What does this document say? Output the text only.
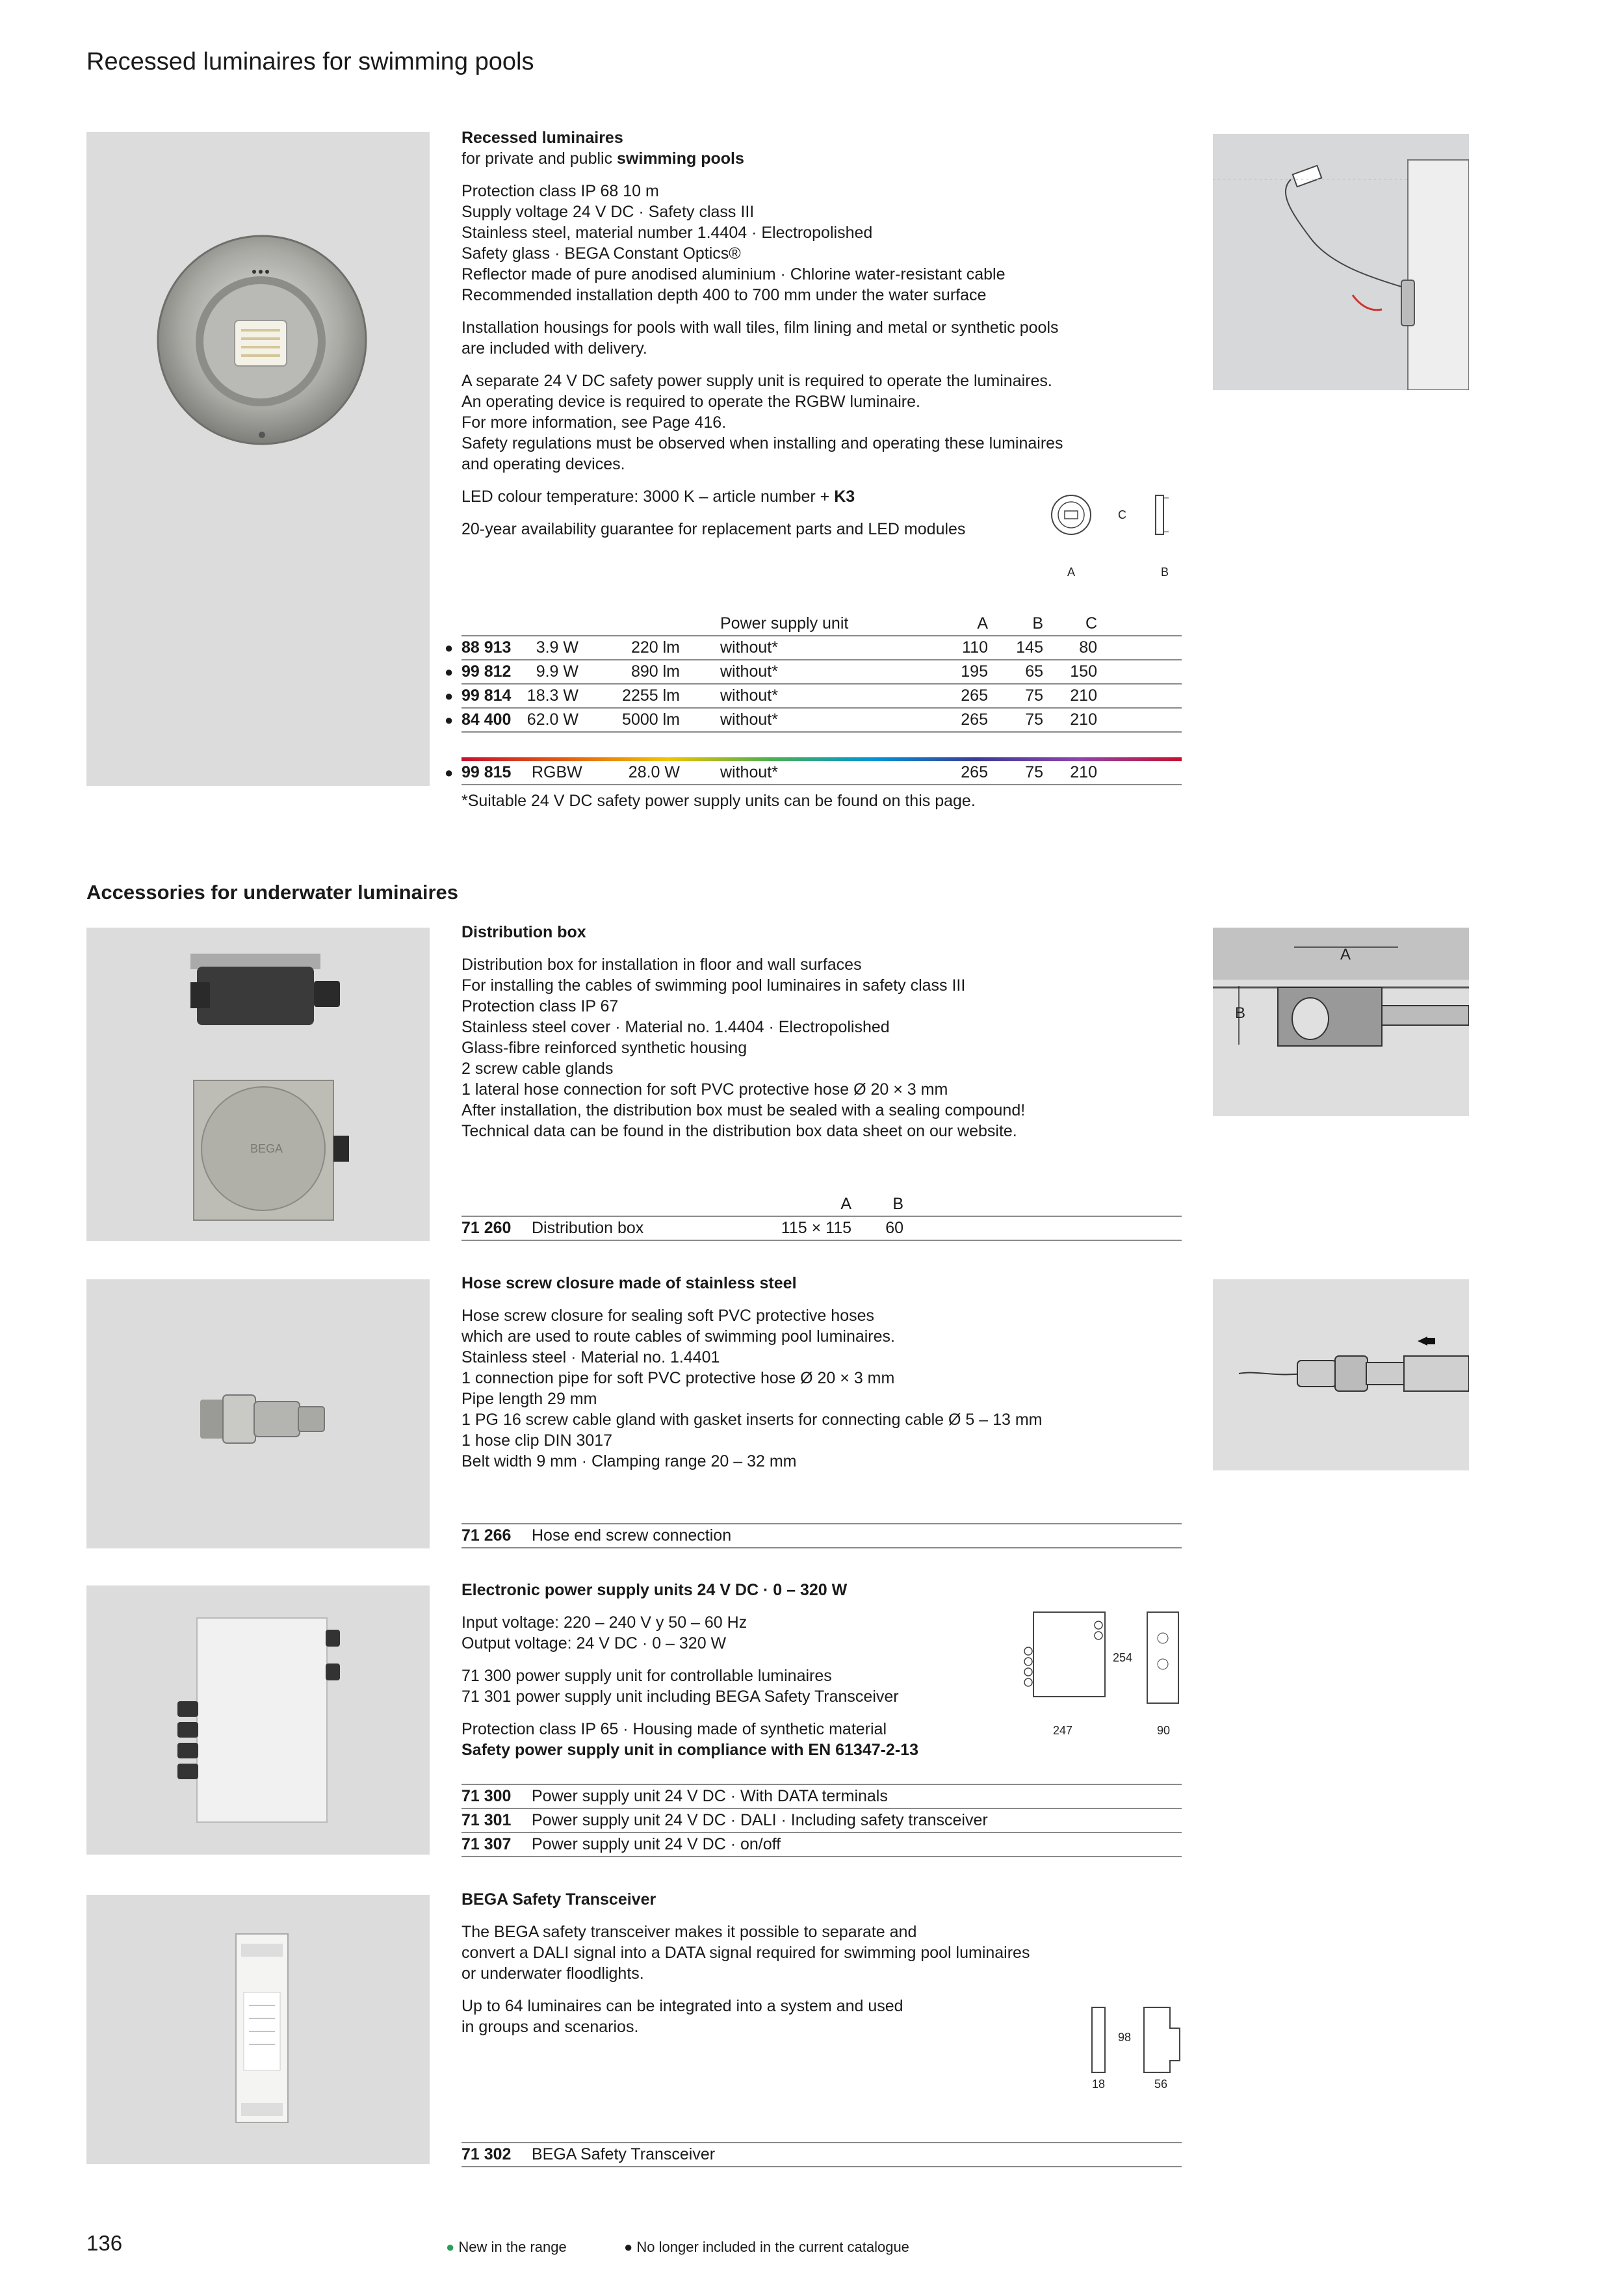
Recessed luminaires for swimming pools

Recessed luminaires
for private and public swimming pools

Protection class IP 68 10 m
Supply voltage 24 V DC · Safety class III
Stainless steel, material number 1.4404 · Electropolished
Safety glass · BEGA Constant Optics®
Reflector made of pure anodised aluminium · Chlorine water-resistant cable
Recommended installation depth 400 to 700 mm under the water surface

Installation housings for pools with wall tiles, film lining and metal or synthetic pools
are included with delivery.

A separate 24 V DC safety power supply unit is required to operate the luminaires.
An operating device is required to operate the RGBW luminaire.
For more information, see Page 416.
Safety regulations must be observed when installing and operating these luminaires
and operating devices.

LED colour temperature: 3000 K – article number + K3

20-year availability guarantee for replacement parts and LED modules

A	B
C
Power supply unit	A	B	C
● 88 913	3.9 W	220 lm without*	110	145	80
● 99 812	9.9 W	890 lm without*	195	65	150
● 99 814 18.3 W	2255 lm without*	265	75	210
● 84 400 62.0 W	5000 lm without*	265	75	210
● 99 815 RGBW	28.0 W without*	265	75	210
*Suitable 24 V DC safety power supply units can be found on this page.
Accessories for underwater luminaires
BEGA

Distribution box

Distribution box for installation in floor and wall surfaces
For installing the cables of swimming pool luminaires in safety class III
Protection class IP 67
Stainless steel cover · Material no. 1.4404 · Electropolished
Glass-fibre reinforced synthetic housing
2 screw cable glands
1 lateral hose connection for soft PVC protective hose Ø 20 × 3 mm
After installation, the distribution box must be sealed with a sealing compound!
Technical data can be found in the distribution box data sheet on our website.

A
B
A	B
71 260 Distribution box	115 × 115	60

Hose screw closure made of stainless steel

Hose screw closure for sealing soft PVC protective hoses
which are used to route cables of swimming pool luminaires.
Stainless steel · Material no. 1.4401
1 connection pipe for soft PVC protective hose Ø 20 × 3 mm
Pipe length 29 mm
1 PG 16 screw cable gland with gasket inserts for connecting cable Ø 5 – 13 mm
1 hose clip DIN 3017
Belt width 9 mm · Clamping range 20 – 32 mm

71 266 Hose end screw connection

Electronic power supply units 24 V DC · 0 – 320 W

Input voltage: 220 – 240 V y 50 – 60 Hz
Output voltage: 24 V DC · 0 – 320 W

71 300 power supply unit for controllable luminaires
71 301 power supply unit including BEGA Safety Transceiver

Protection class IP 65 · Housing made of synthetic material
Safety power supply unit in compliance with EN 61347-2-13

247	90
254
71 300 Power supply unit 24 V DC · With DATA terminals
71 301 Power supply unit 24 V DC · DALI · Including safety transceiver
71 307 Power supply unit 24 V DC · on/off

BEGA Safety Transceiver

The BEGA safety transceiver makes it possible to separate and
convert a DALI signal into a DATA signal required for swimming pool luminaires
or underwater floodlights.

Up to 64 luminaires can be integrated into a system and used
in groups and scenarios.

18	56
98
71 302 BEGA Safety Transceiver
136	● New in the range	● No longer included in the current catalogue
